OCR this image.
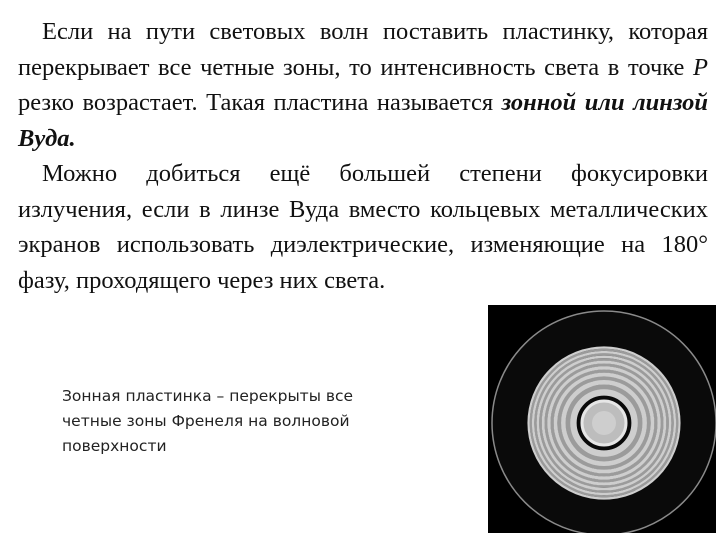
Если на пути световых волн поставить пластинку, которая перекрывает все четные зоны, то интенсивность света в точке P резко возрастает. Такая пластина называется зонной или линзой Вуда.

Можно добиться ещё большей степени фокусировки излучения, если в линзе Вуда вместо кольцевых металлических экранов использовать диэлектрические, изменяющие на 180° фазу, проходящего через них света.

Зонная пластинка – перекрыты все четные зоны Френеля на волновой поверхности
